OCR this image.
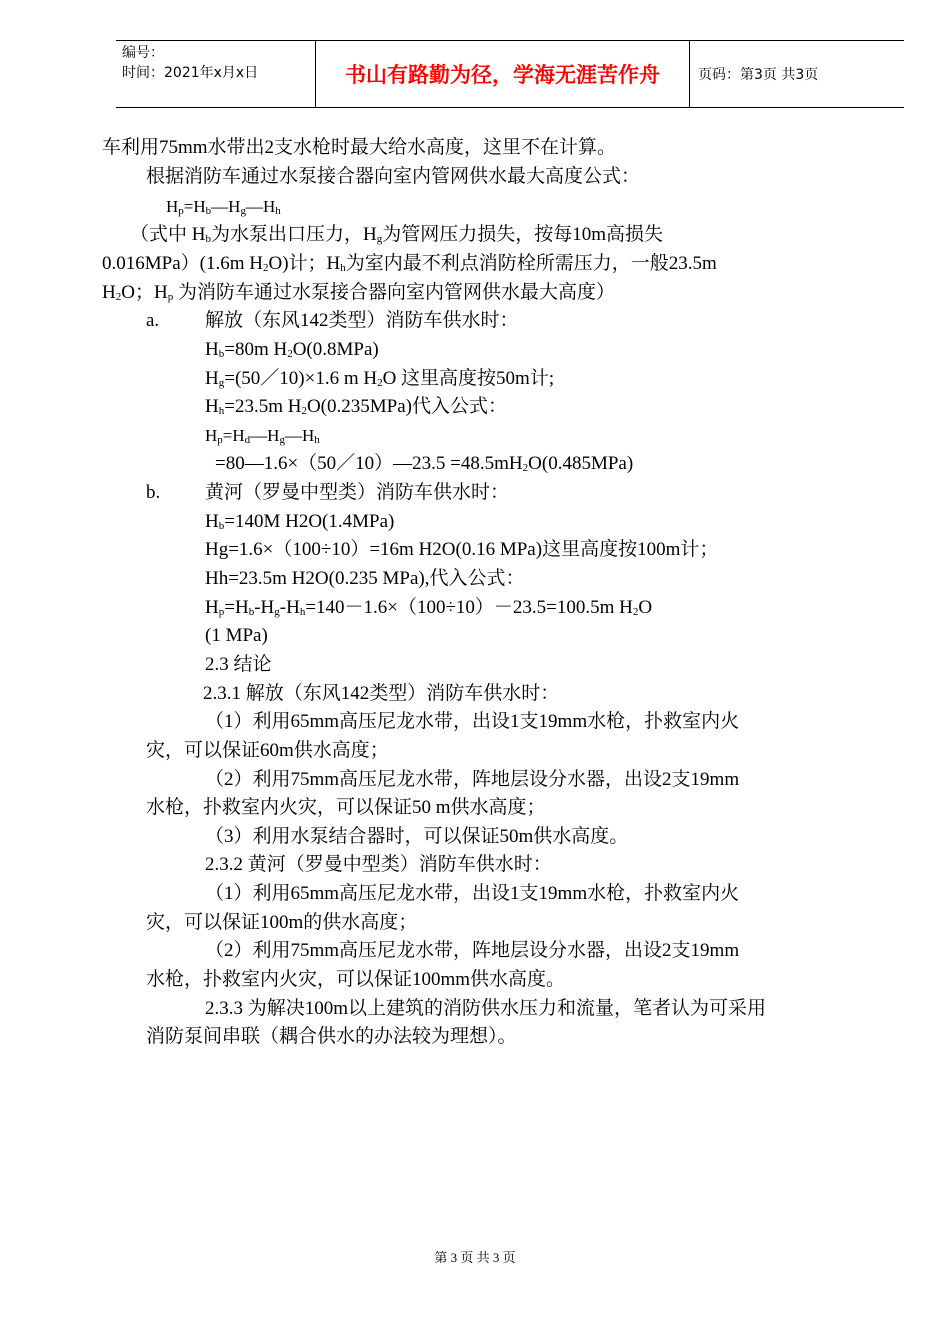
编号：
时间：2021年x月x日	书山有路勤为径，学海无涯苦作舟	页码：第3页 共3页
车利用75mm水带出2支水枪时最大给水高度，这里不在计算。
根据消防车通过水泵接合器向室内管网供水最大高度公式：
$H_p=H_b—H_g—H_h$
（式中 $H_b$为水泵出口压力，$H_g$为管网压力损失，按每10m高损失
0.016MPa）(1.6m $H_2O$)计；$H_h$为室内最不利点消防栓所需压力，一般23.5m
$H_2O$；$H_p$ 为消防车通过水泵接合器向室内管网供水最大高度）
a. 解放（东风142类型）消防车供水时：
$H_b=80m$ $H_2O(0.8MPa)$
$H_g=(50/10)\times 1.6$ m $H_2O$ 这里高度按50m计;
$H_h=23.5m$ $H_2O(0.235MPa)$代入公式：
$H_p=H_d—H_g—H_h$
=80—1.6×（50／10）—23.5 $=48.5mH_2O(0.485MPa)$
b. 黄河（罗曼中型类）消防车供水时：
$H_b=140M$ H2O(1.4MPa)
Hg=1.6×（100÷10）=16m H2O(0.16 MPa)这里高度按100m计；
Hh=23.5m H2O(0.235 MPa),代入公式：
$H_p=H_b-H_g-H_h=140-1.6\times(100\div 10)-23.5=100.5m$ $H_2O$
(1 MPa)
2.3 结论
2.3.1 解放（东风142类型）消防车供水时：
（1）利用65mm高压尼龙水带，出设1支19mm水枪，扑救室内火
灾，可以保证60m供水高度；
（2）利用75mm高压尼龙水带，阵地层设分水器，出设2支19mm
水枪，扑救室内火灾，可以保证50 m供水高度；
（3）利用水泵结合器时，可以保证50m供水高度。
2.3.2 黄河（罗曼中型类）消防车供水时：
（1）利用65mm高压尼龙水带，出设1支19mm水枪，扑救室内火
灾，可以保证100m的供水高度；
（2）利用75mm高压尼龙水带，阵地层设分水器，出设2支19mm
水枪，扑救室内火灾，可以保证100mm供水高度。
2.3.3 为解决100m以上建筑的消防供水压力和流量，笔者认为可采用
消防泵间串联（耦合供水的办法较为理想）。
第 3 页 共 3 页
